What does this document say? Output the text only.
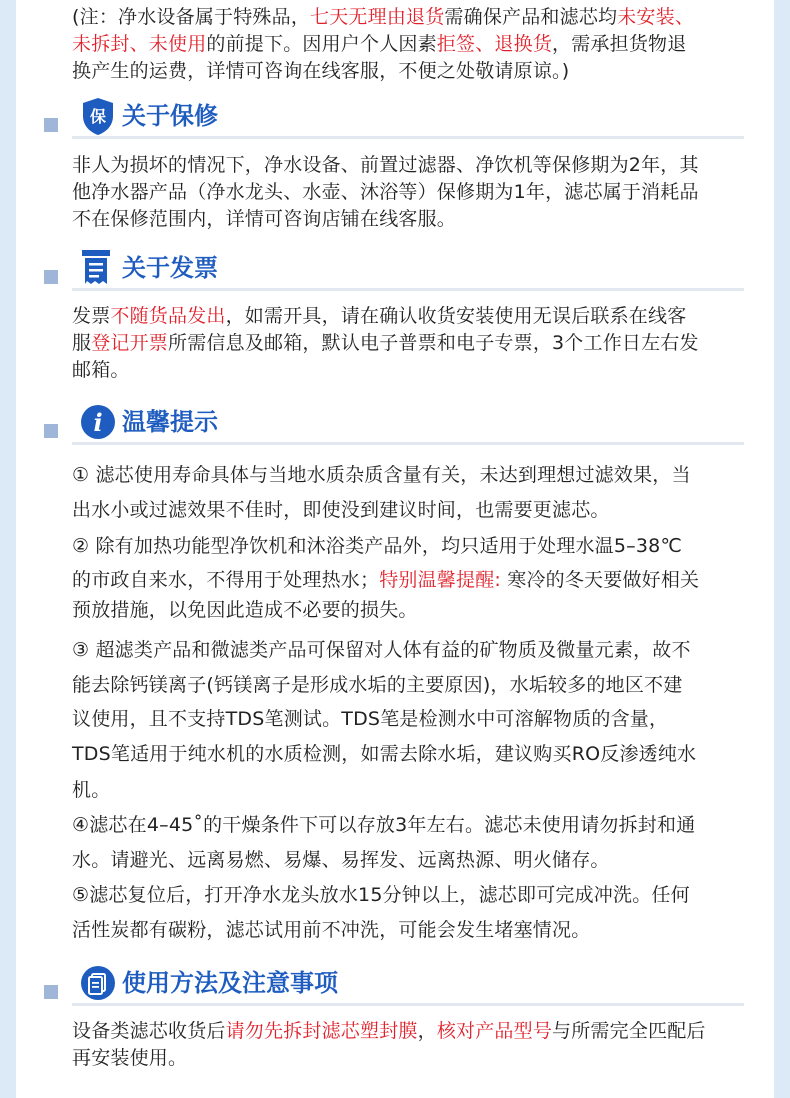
(注：净水设备属于特殊品，七天无理由退货需确保产品和滤芯均未安装、
未拆封、未使用的前提下。因用户个人因素拒签、退换货，需承担货物退
换产生的运费，详情可咨询在线客服，不便之处敬请原谅。)
保 关于保修
非人为损坏的情况下，净水设备、前置过滤器、净饮机等保修期为2年，其
他净水器产品（净水龙头、水壶、沐浴等）保修期为1年，滤芯属于消耗品
不在保修范围内，详情可咨询店铺在线客服。
关于发票
发票不随货品发出，如需开具，请在确认收货安装使用无误后联系在线客
服登记开票所需信息及邮箱，默认电子普票和电子专票，3个工作日左右发
邮箱。
i 温馨提示
① 滤芯使用寿命具体与当地水质杂质含量有关，未达到理想过滤效果，当
出水小或过滤效果不佳时，即使没到建议时间，也需要更滤芯。
② 除有加热功能型净饮机和沐浴类产品外，均只适用于处理水温5–38℃
的市政自来水，不得用于处理热水；特别温馨提醒: 寒冷的冬天要做好相关
预放措施，以免因此造成不必要的损失。
③ 超滤类产品和微滤类产品可保留对人体有益的矿物质及微量元素，故不
能去除钙镁离子(钙镁离子是形成水垢的主要原因)，水垢较多的地区不建
议使用，且不支持TDS笔测试。TDS笔是检测水中可溶解物质的含量，
TDS笔适用于纯水机的水质检测，如需去除水垢，建议购买RO反渗透纯水
机。
④滤芯在4–45˚的干燥条件下可以存放3年左右。滤芯未使用请勿拆封和通
水。请避光、远离易燃、易爆、易挥发、远离热源、明火储存。
⑤滤芯复位后，打开净水龙头放水15分钟以上，滤芯即可完成冲洗。任何
活性炭都有碳粉，滤芯试用前不冲洗，可能会发生堵塞情况。
使用方法及注意事项
设备类滤芯收货后请勿先拆封滤芯塑封膜，核对产品型号与所需完全匹配后
再安装使用。
